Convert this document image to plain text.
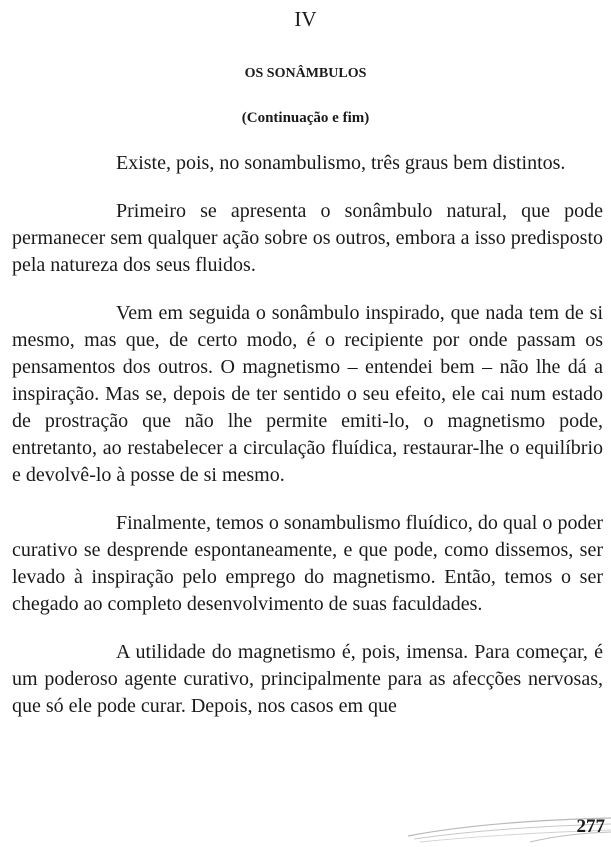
IV
OS SONÂMBULOS
(Continuação e fim)

Existe, pois, no sonambulismo, três graus bem distintos.

Primeiro se apresenta o sonâmbulo natural, que pode permanecer sem qualquer ação sobre os outros, embora a isso predisposto pela natureza dos seus fluidos.

Vem em seguida o sonâmbulo inspirado, que nada tem de si mesmo, mas que, de certo modo, é o recipiente por onde passam os pensamentos dos outros. O magnetismo – entendei bem – não lhe dá a inspiração. Mas se, depois de ter sentido o seu efeito, ele cai num estado de prostração que não lhe permite emiti-lo, o magnetismo pode, entretanto, ao restabelecer a circulação fluídica, restaurar-lhe o equilíbrio e devolvê-lo à posse de si mesmo.

Finalmente, temos o sonambulismo fluídico, do qual o poder curativo se desprende espontaneamente, e que pode, como dissemos, ser levado à inspiração pelo emprego do magnetismo. Então, temos o ser chegado ao completo desenvolvimento de suas faculdades.

A utilidade do magnetismo é, pois, imensa. Para começar, é um poderoso agente curativo, principalmente para as afecções nervosas, que só ele pode curar. Depois, nos casos em que

277
